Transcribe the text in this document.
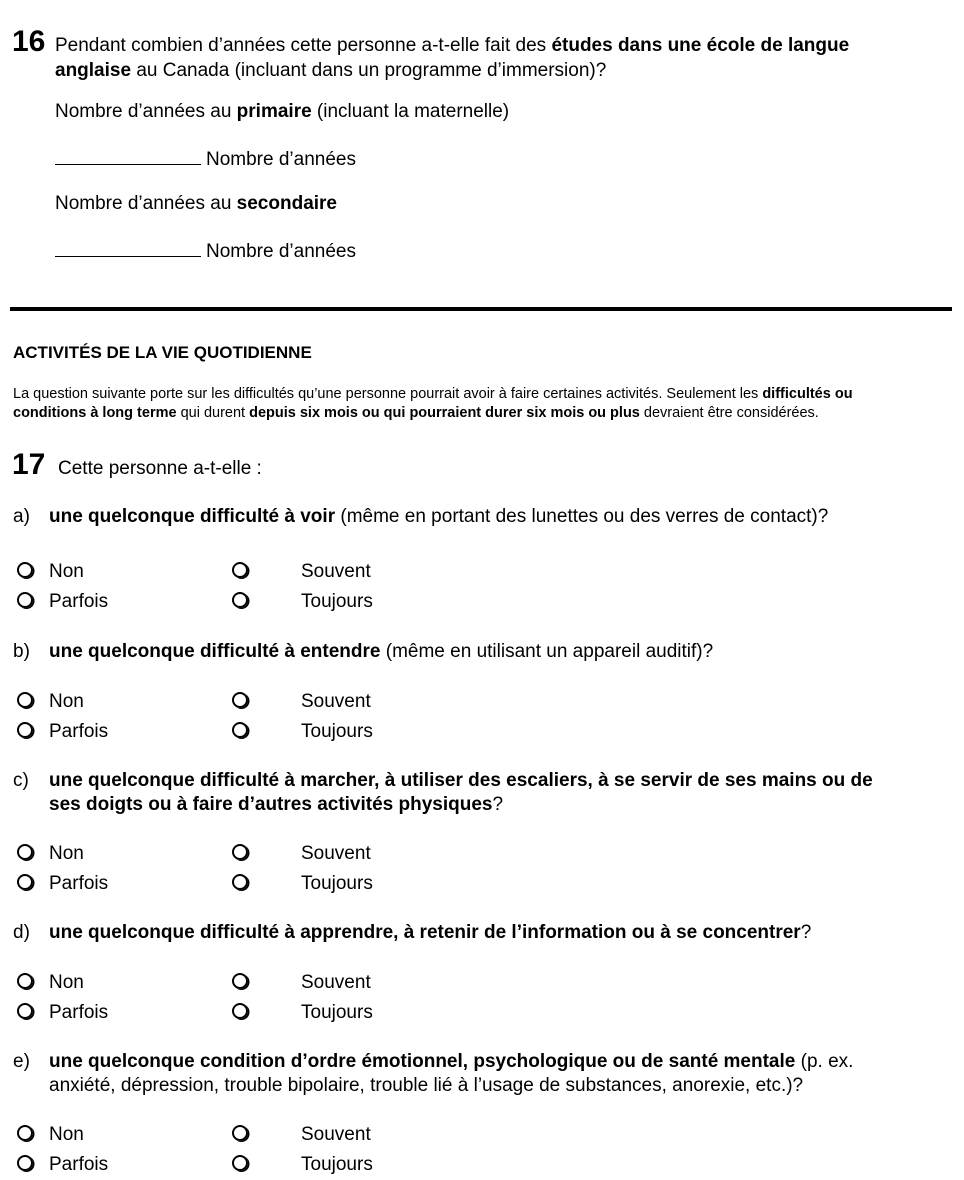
16 Pendant combien d’années cette personne a-t-elle fait des études dans une école de langue
anglaise au Canada (incluant dans un programme d’immersion)?
Nombre d’années au primaire (incluant la maternelle)
Nombre d’années
Nombre d’années au secondaire
Nombre d’années
ACTIVITÉS DE LA VIE QUOTIDIENNE
La question suivante porte sur les difficultés qu’une personne pourrait avoir à faire certaines activités. Seulement les difficultés ou
conditions à long terme qui durent depuis six mois ou qui pourraient durer six mois ou plus devraient être considérées.
17 Cette personne a-t-elle :
a) une quelconque difficulté à voir (même en portant des lunettes ou des verres de contact)?
Non	Souvent
Parfois	Toujours
b) une quelconque difficulté à entendre (même en utilisant un appareil auditif)?
Non	Souvent
Parfois	Toujours
c) une quelconque difficulté à marcher, à utiliser des escaliers, à se servir de ses mains ou de
ses doigts ou à faire d’autres activités physiques?
Non	Souvent
Parfois	Toujours
d) une quelconque difficulté à apprendre, à retenir de l’information ou à se concentrer?
Non	Souvent
Parfois	Toujours
e) une quelconque condition d’ordre émotionnel, psychologique ou de santé mentale (p. ex.
anxiété, dépression, trouble bipolaire, trouble lié à l’usage de substances, anorexie, etc.)?
Non	Souvent
Parfois	Toujours
